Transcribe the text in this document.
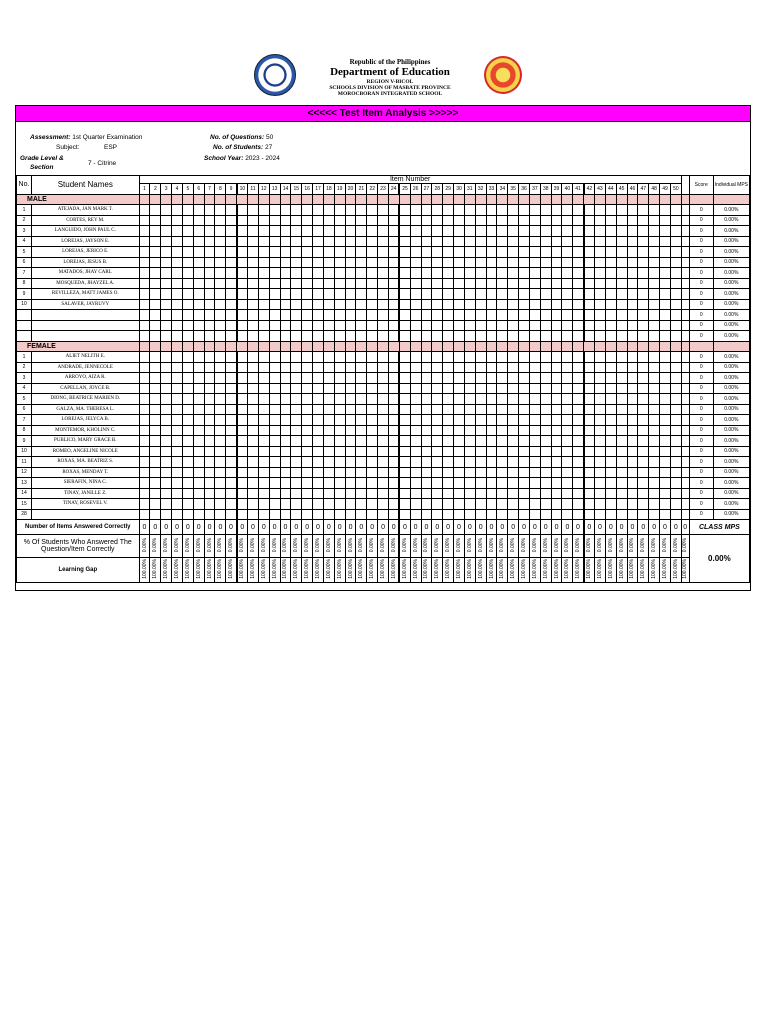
Republic of the Philippines
Department of Education
REGION V-BICOL
SCHOOLS DIVISION OF MASBATE PROVINCE
MOROCBORAN INTEGRATED SCHOOL
<<<<< Test Item Analysis >>>>>
Assessment: 1st Quarter Examination
Subject:	ESP
Grade Level &
Section
7 - Citrine
No. of Questions: 50
No. of Students: 27
School Year: 2023 - 2024
No.	Student Names	Item Number																																																			Score	Individual MPS
		1	2	3	4	5	6	7	8	9	10	11	12	13	14	15	16	17	18	19	20	21	22	23	24	25	26	27	28	29	30	31	32	33	34	35	36	37	38	39	40	41	42	43	44	45	46	47	48	49	50			
MALE																																																						
1	ATEJADA, JAN MARK T.																																																				0	0.00%
2	CORTES, REY M.																																																				0	0.00%
3	LANGUIDO, JOHN PAUL C.																																																				0	0.00%
4	LOREJAS, JAYSON E.																																																				0	0.00%
5	LOREJAS, JERICO E.																																																				0	0.00%
6	LOREJAS, JESUS B.																																																				0	0.00%
7	MATADOS, JHAY CARL																																																				0	0.00%
8	MOSQUEDA, JHAYZEL A.																																																				0	0.00%
9	REVILLEZA, MATT JAMES O.																																																				0	0.00%
10	SALAVER, JAYRUVY																																																				0	0.00%
																																																					0	0.00%
																																																					0	0.00%
																																																					0	0.00%
FEMALE																																																						
1	ALIET NELITH E.																																																				0	0.00%
2	ANDRADE, JENNECOLE																																																				0	0.00%
3	ARROYO, AIZA R.																																																				0	0.00%
4	CAPELLAN, JOYCE B.																																																				0	0.00%
5	DIONG, BEATRICE MARIEN D.																																																				0	0.00%
6	GALZA, MA. THERESA L.																																																				0	0.00%
7	LOREJAS, JELYCA B.																																																				0	0.00%
8	MONTEMOR, KHOLINN C.																																																				0	0.00%
9	PUBLICO, MARY GRACE B.																																																				0	0.00%
10	ROMEO, ANGELINE NICOLE																																																				0	0.00%
11	ROXAS, MA. BEATRIZ S.																																																				0	0.00%
12	ROXAS, MENDAY T.																																																				0	0.00%
13	SIERAFIN, NINA C.																																																				0	0.00%
14	TINAY, JANILLE Z.																																																				0	0.00%
15	TINAY, ROSEVEL V.																																																				0	0.00%
28																																																					0	0.00%
Number of Items Answered Correctly		0	0	0	0	0	0	0	0	0	0	0	0	0	0	0	0	0	0	0	0	0	0	0	0	0	0	0	0	0	0	0	0	0	0	0	0	0	0	0	0	0	0	0	0	0	0	0	0	0	0	0	CLASS MPS	
% Of Students Who Answered The Question/Item Correctly		0.00%	0.00%	0.00%	0.00%	0.00%	0.00%	0.00%	0.00%	0.00%	0.00%	0.00%	0.00%	0.00%	0.00%	0.00%	0.00%	0.00%	0.00%	0.00%	0.00%	0.00%	0.00%	0.00%	0.00%	0.00%	0.00%	0.00%	0.00%	0.00%	0.00%	0.00%	0.00%	0.00%	0.00%	0.00%	0.00%	0.00%	0.00%	0.00%	0.00%	0.00%	0.00%	0.00%	0.00%	0.00%	0.00%	0.00%	0.00%	0.00%	0.00%	0.00%	0.00%	
Learning Gap		100.00%	100.00%	100.00%	100.00%	100.00%	100.00%	100.00%	100.00%	100.00%	100.00%	100.00%	100.00%	100.00%	100.00%	100.00%	100.00%	100.00%	100.00%	100.00%	100.00%	100.00%	100.00%	100.00%	100.00%	100.00%	100.00%	100.00%	100.00%	100.00%	100.00%	100.00%	100.00%	100.00%	100.00%	100.00%	100.00%	100.00%	100.00%	100.00%	100.00%	100.00%	100.00%	100.00%	100.00%	100.00%	100.00%	100.00%	100.00%	100.00%	100.00%	100.00%		
